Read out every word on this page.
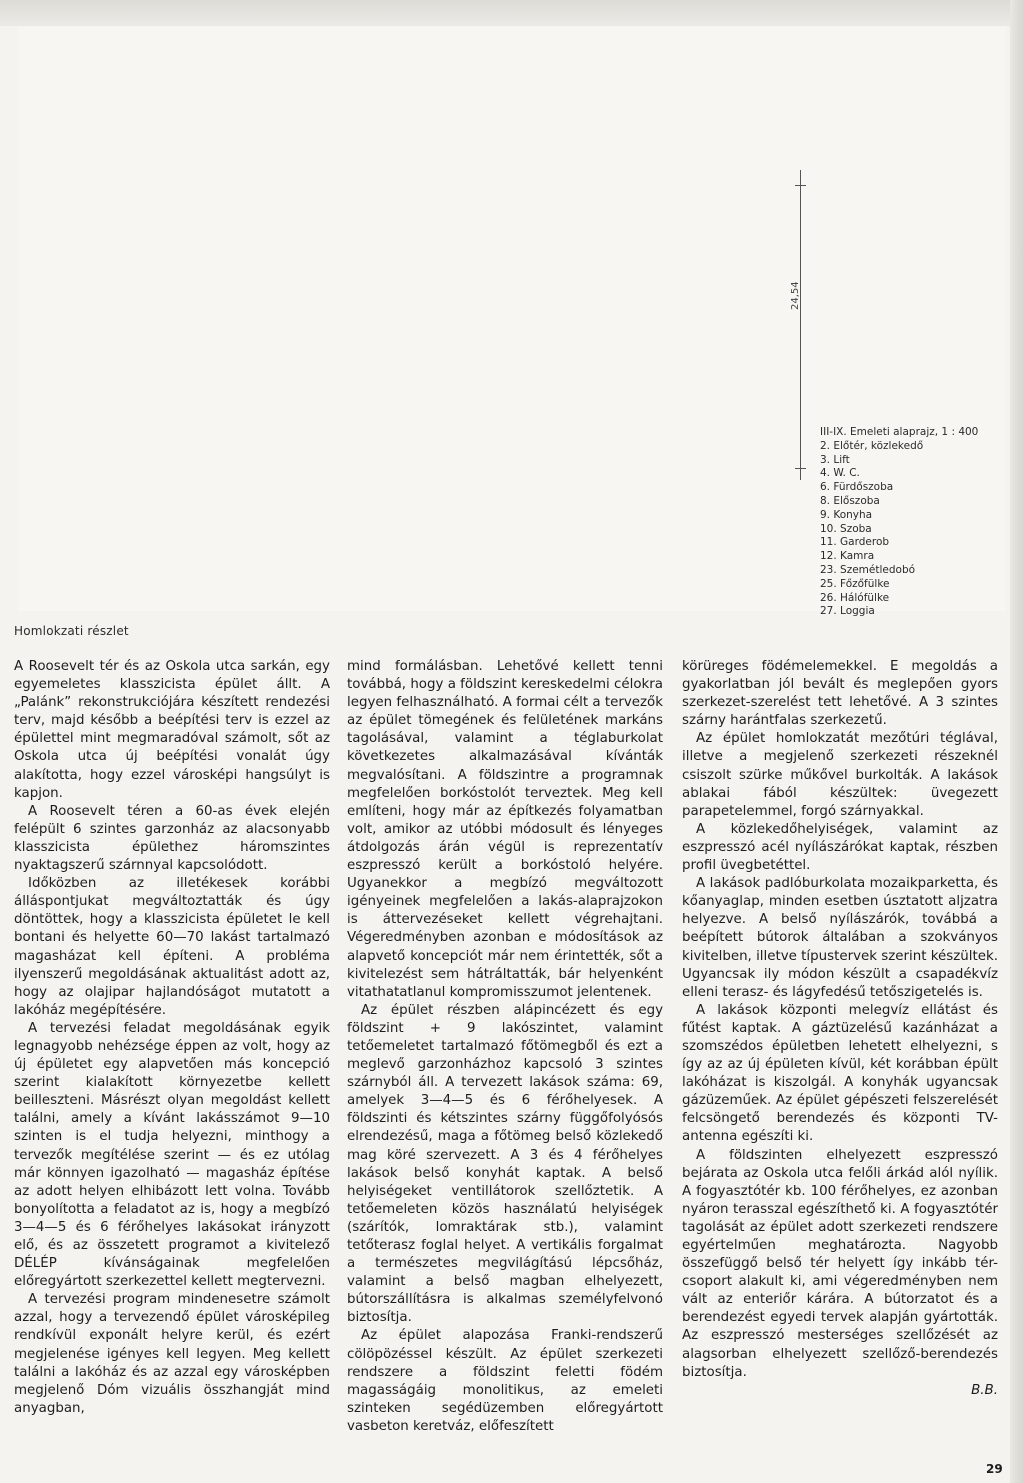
24,54
Homlokzati részlet
III-IX. Emeleti alaprajz, 1 : 400
2. Előtér, közlekedő
3. Lift
4. W. C.
6. Fürdőszoba
8. Előszoba
9. Konyha
10. Szoba
11. Garderob
12. Kamra
23. Szemétledobó
25. Főzőfülke
26. Hálófülke
27. Loggia

A Roosevelt tér és az Oskola utca sarkán, egy egyemeletes klasszicista épület állt. A „Palánk” rekonstrukciójára készített rendezési terv, majd később a beépítési terv is ezzel az épülettel mint megmaradóval számolt, sőt az Oskola utca új beépítési vonalát úgy alakította, hogy ezzel városképi hangsúlyt is kapjon.

A Roosevelt téren a 60-as évek elején felépült 6 szintes garzonház az alacsonyabb klasszicista épülethez háromszintes nyaktagszerű szárnnyal kapcsolódott.

Időközben az illetékesek korábbi álláspontjukat megváltoztatták és úgy döntöttek, hogy a klasszicista épületet le kell bontani és helyette 60—70 lakást tartalmazó magasházat kell építeni. A probléma ilyenszerű megoldásának aktualitást adott az, hogy az olajipar hajlandóságot mutatott a lakóház megépítésére.

A tervezési feladat megoldásának egyik legnagyobb nehézsége éppen az volt, hogy az új épületet egy alapvetően más koncepció szerint kialakított környezetbe kellett beilleszteni. Másrészt olyan megoldást kellett találni, amely a kívánt lakásszámot 9—10 szinten is el tudja helyezni, minthogy a tervezők megítélése szerint — és ez utólag már könnyen igazolható — magasház építése az adott helyen elhibázott lett volna. Tovább bonyolította a feladatot az is, hogy a megbízó 3—4—5 és 6 férőhelyes lakásokat irányzott elő, és az összetett programot a kivitelező DÉLÉP kívánságainak megfelelően előregyártott szerkezettel kellett megtervezni.

A tervezési program mindenesetre számolt azzal, hogy a tervezendő épület városképileg rendkívül exponált helyre kerül, és ezért megjelenése igényes kell legyen. Meg kellett találni a lakóház és az azzal egy városképben megjelenő Dóm vizuális összhangját mind anyagban,

mind formálásban. Lehetővé kellett tenni továbbá, hogy a földszint kereskedelmi célokra legyen felhasználható. A formai célt a tervezők az épület tömegének és felületének markáns tagolásával, valamint a téglaburkolat következetes alkalmazásával kívánták megvalósítani. A földszintre a programnak megfelelően borkóstolót terveztek. Meg kell említeni, hogy már az építkezés folyamatban volt, amikor az utóbbi módosult és lényeges átdolgozás árán végül is reprezentatív eszpresszó került a borkóstoló helyére. Ugyanekkor a megbízó megváltozott igényeinek megfelelően a lakás-alaprajzokon is áttervezéseket kellett végrehajtani. Végeredményben azonban e módosítások az alapvető koncepciót már nem érintették, sőt a kivitelezést sem hátráltatták, bár helyenként vitathatatlanul kompromisszumot jelentenek.

Az épület részben alápincézett és egy földszint + 9 lakószintet, valamint tetőemeletet tartalmazó főtömegből és ezt a meglevő garzonházhoz kapcsoló 3 szintes szárnyból áll. A tervezett lakások száma: 69, amelyek 3—4—5 és 6 férőhelyesek. A földszinti és kétszintes szárny függőfolyósós elrendezésű, maga a főtömeg belső közlekedő mag köré szervezett. A 3 és 4 férőhelyes lakások belső konyhát kaptak. A belső helyiségeket ventillátorok szellőztetik. A tetőemeleten közös használatú helyiségek (szárítók, lomraktárak stb.), valamint tetőterasz foglal helyet. A vertikális forgalmat a természetes megvilágítású lépcsőház, valamint a belső magban elhelyezett, bútorszállításra is alkalmas személyfelvonó biztosítja.

Az épület alapozása Franki-rendszerű cölöpözéssel készült. Az épület szerkezeti rendszere a földszint feletti födém magasságáig monolitikus, az emeleti szinteken segédüzemben előregyártott vasbeton keretváz, előfeszített

körüreges födémelemekkel. E megoldás a gyakorlatban jól bevált és meglepően gyors szerkezet-szerelést tett lehetővé. A 3 szintes szárny harántfalas szerkezetű.

Az épület homlokzatát mezőtúri téglával, illetve a megjelenő szerkezeti részeknél csiszolt szürke műkővel burkolták. A lakások ablakai fából készültek: üvegezett parapetelemmel, forgó szárnyakkal.

A közlekedőhelyiségek, valamint az eszpresszó acél nyílászárókat kaptak, részben profil üvegbetéttel.

A lakások padlóburkolata mozaikparketta, és kőanyaglap, minden esetben úsztatott aljzatra helyezve. A belső nyílászárók, továbbá a beépített bútorok általában a szokványos kivitelben, illetve típustervek szerint készültek. Ugyancsak ily módon készült a csapadékvíz elleni terasz- és lágyfedésű tetőszigetelés is.

A lakások központi melegvíz ellátást és fűtést kaptak. A gáztüzelésű kazánházat a szomszédos épületben lehetett elhelyezni, s így az az új épületen kívül, két korábban épült lakóházat is kiszolgál. A konyhák ugyancsak gázüzeműek. Az épület gépészeti felszerelését felcsöngető berendezés és központi TV-antenna egészíti ki.

A földszinten elhelyezett eszpresszó bejárata az Oskola utca felőli árkád alól nyílik. A fogyasztótér kb. 100 férőhelyes, ez azonban nyáron terasszal egészíthető ki. A fogyasztótér tagolását az épület adott szerkezeti rendszere egyértelműen meghatározta. Nagyobb összefüggő belső tér helyett így inkább tér-csoport alakult ki, ami végeredményben nem vált az enteriőr kárára. A bútorzatot és a berendezést egyedi tervek alapján gyártották. Az eszpresszó mesterséges szellőzését az alagsorban elhelyezett szellőző-berendezés biztosítja.

B.B.

29
